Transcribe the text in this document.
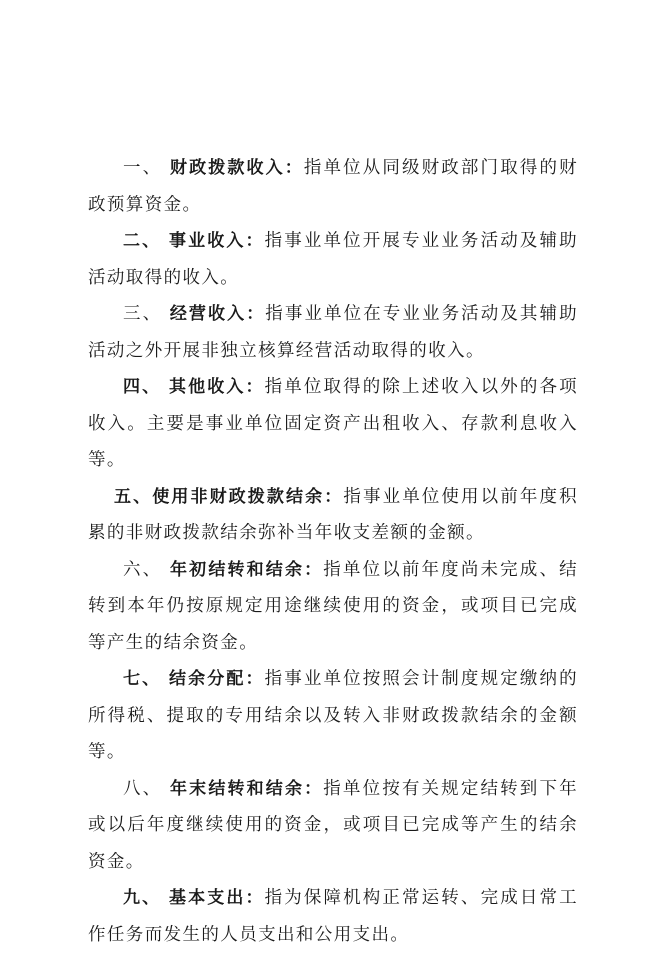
一、 财政拨款收入：指单位从同级财政部门取得的财政预算资金。

二、 事业收入：指事业单位开展专业业务活动及辅助活动取得的收入。

三、 经营收入：指事业单位在专业业务活动及其辅助活动之外开展非独立核算经营活动取得的收入。

四、 其他收入：指单位取得的除上述收入以外的各项收入。主要是事业单位固定资产出租收入、存款利息收入等。

五、使用非财政拨款结余：指事业单位使用以前年度积累的非财政拨款结余弥补当年收支差额的金额。

六、 年初结转和结余：指单位以前年度尚未完成、结转到本年仍按原规定用途继续使用的资金，或项目已完成等产生的结余资金。

七、 结余分配：指事业单位按照会计制度规定缴纳的所得税、提取的专用结余以及转入非财政拨款结余的金额等。

八、 年末结转和结余：指单位按有关规定结转到下年或以后年度继续使用的资金，或项目已完成等产生的结余资金。

九、 基本支出：指为保障机构正常运转、完成日常工作任务而发生的人员支出和公用支出。
